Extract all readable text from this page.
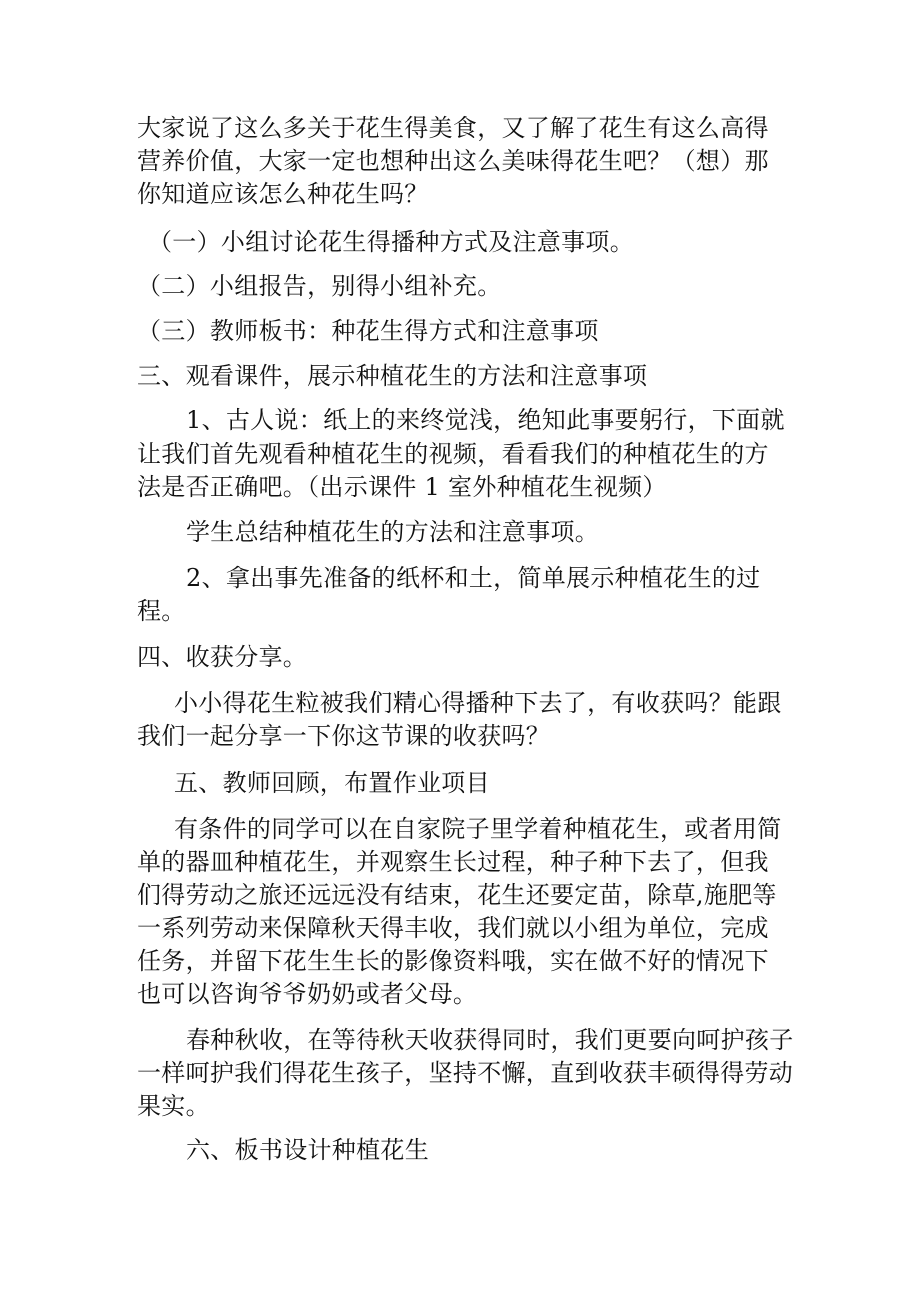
大家说了这么多关于花生得美食，又了解了花生有这么高得
营养价值，大家一定也想种出这么美味得花生吧？（想）那
你知道应该怎么种花生吗？
（一）小组讨论花生得播种方式及注意事项。
（二）小组报告，别得小组补充。
（三）教师板书：种花生得方式和注意事项
三、观看课件，展示种植花生的方法和注意事项
1、古人说：纸上的来终觉浅，绝知此事要躬行，下面就
让我们首先观看种植花生的视频，看看我们的种植花生的方
法是否正确吧。（出示课件 1 室外种植花生视频）
学生总结种植花生的方法和注意事项。
2、拿出事先准备的纸杯和土，简单展示种植花生的过
程。
四、收获分享。
小小得花生粒被我们精心得播种下去了，有收获吗？能跟
我们一起分享一下你这节课的收获吗？
五、教师回顾，布置作业项目
有条件的同学可以在自家院子里学着种植花生，或者用简
单的器皿种植花生，并观察生长过程，种子种下去了，但我
们得劳动之旅还远远没有结束，花生还要定苗，除草,施肥等
一系列劳动来保障秋天得丰收，我们就以小组为单位，完成
任务，并留下花生生长的影像资料哦，实在做不好的情况下
也可以咨询爷爷奶奶或者父母。
春种秋收，在等待秋天收获得同时，我们更要向呵护孩子
一样呵护我们得花生孩子，坚持不懈，直到收获丰硕得得劳动
果实。
六、板书设计种植花生
